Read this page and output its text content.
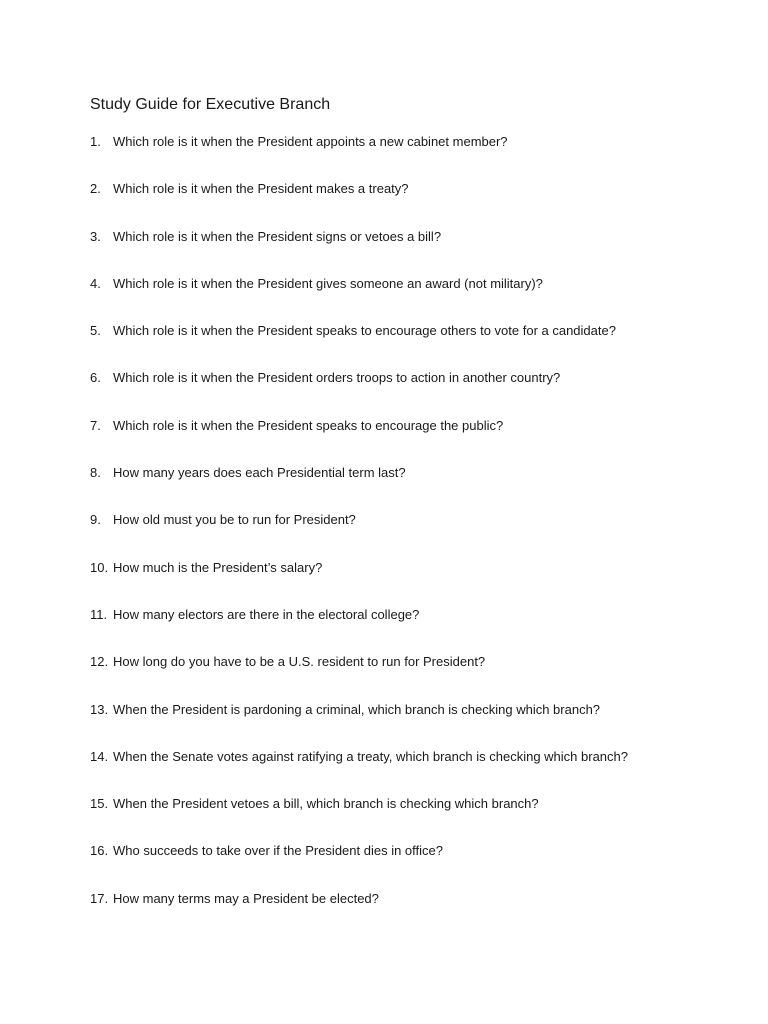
Study Guide for Executive Branch
1. Which role is it when the President appoints a new cabinet member?
2. Which role is it when the President makes a treaty?
3. Which role is it when the President signs or vetoes a bill?
4. Which role is it when the President gives someone an award (not military)?
5. Which role is it when the President speaks to encourage others to vote for a candidate?
6. Which role is it when the President orders troops to action in another country?
7. Which role is it when the President speaks to encourage the public?
8. How many years does each Presidential term last?
9. How old must you be to run for President?
10. How much is the President’s salary?
11. How many electors are there in the electoral college?
12. How long do you have to be a U.S. resident to run for President?
13. When the President is pardoning a criminal, which branch is checking which branch?
14. When the Senate votes against ratifying a treaty, which branch is checking which branch?
15. When the President vetoes a bill, which branch is checking which branch?
16. Who succeeds to take over if the President dies in office?
17. How many terms may a President be elected?
